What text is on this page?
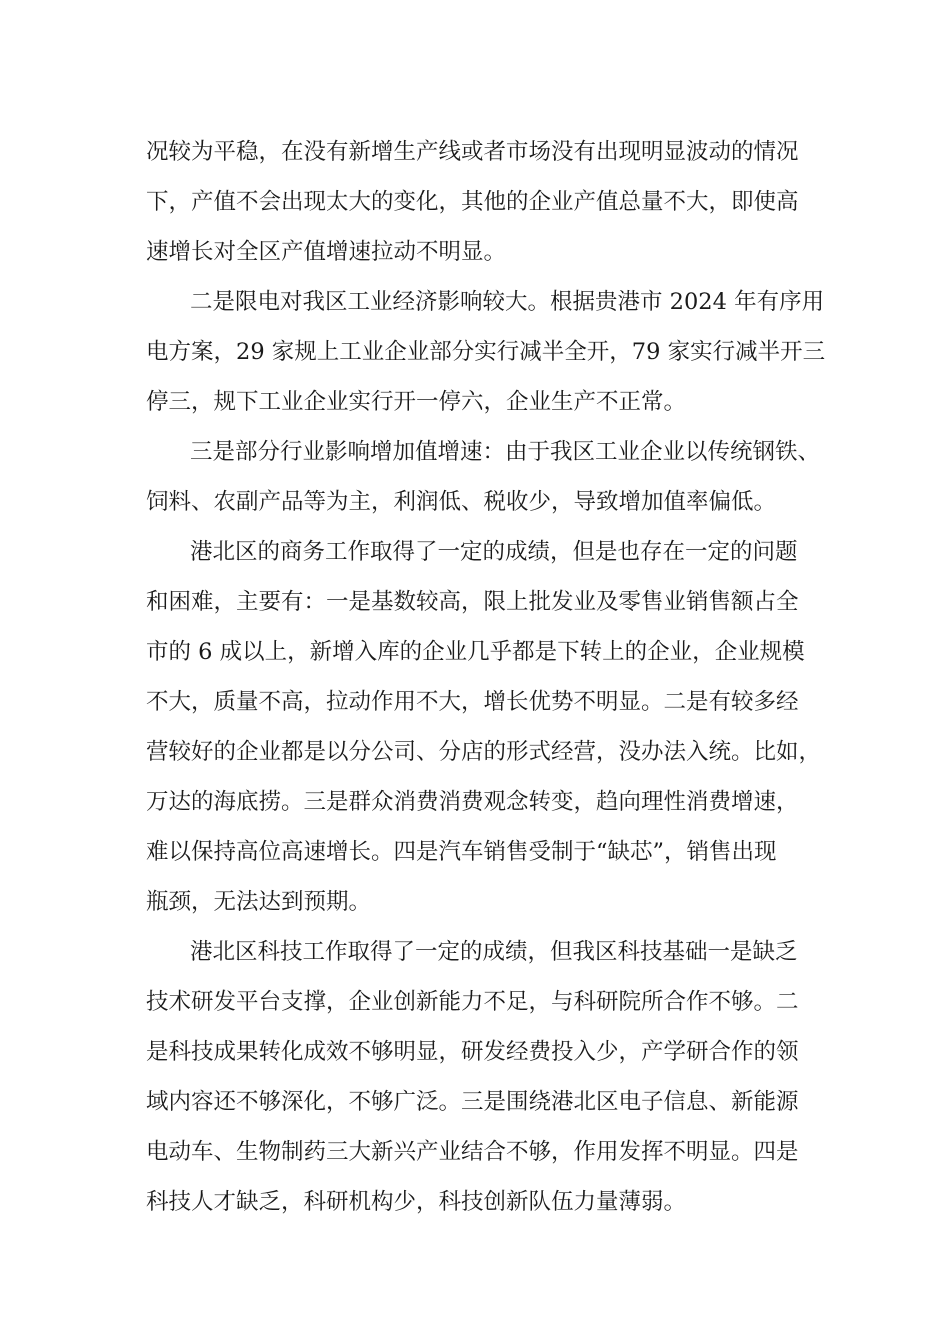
况较为平稳，在没有新增生产线或者市场没有出现明显波动的情况
下，产值不会出现太大的变化，其他的企业产值总量不大，即使高
速增长对全区产值增速拉动不明显。
二是限电对我区工业经济影响较大。根据贵港市 2024 年有序用
电方案，29 家规上工业企业部分实行减半全开，79 家实行减半开三
停三，规下工业企业实行开一停六，企业生产不正常。
三是部分行业影响增加值增速：由于我区工业企业以传统钢铁、
饲料、农副产品等为主，利润低、税收少，导致增加值率偏低。
港北区的商务工作取得了一定的成绩，但是也存在一定的问题
和困难，主要有：一是基数较高，限上批发业及零售业销售额占全
市的 6 成以上，新增入库的企业几乎都是下转上的企业，企业规模
不大，质量不高，拉动作用不大，增长优势不明显。二是有较多经
营较好的企业都是以分公司、分店的形式经营，没办法入统。比如，
万达的海底捞。三是群众消费消费观念转变，趋向理性消费增速，
难以保持高位高速增长。四是汽车销售受制于“缺芯”，销售出现
瓶颈，无法达到预期。
港北区科技工作取得了一定的成绩，但我区科技基础一是缺乏
技术研发平台支撑，企业创新能力不足，与科研院所合作不够。二
是科技成果转化成效不够明显，研发经费投入少，产学研合作的领
域内容还不够深化，不够广泛。三是围绕港北区电子信息、新能源
电动车、生物制药三大新兴产业结合不够，作用发挥不明显。四是
科技人才缺乏，科研机构少，科技创新队伍力量薄弱。
